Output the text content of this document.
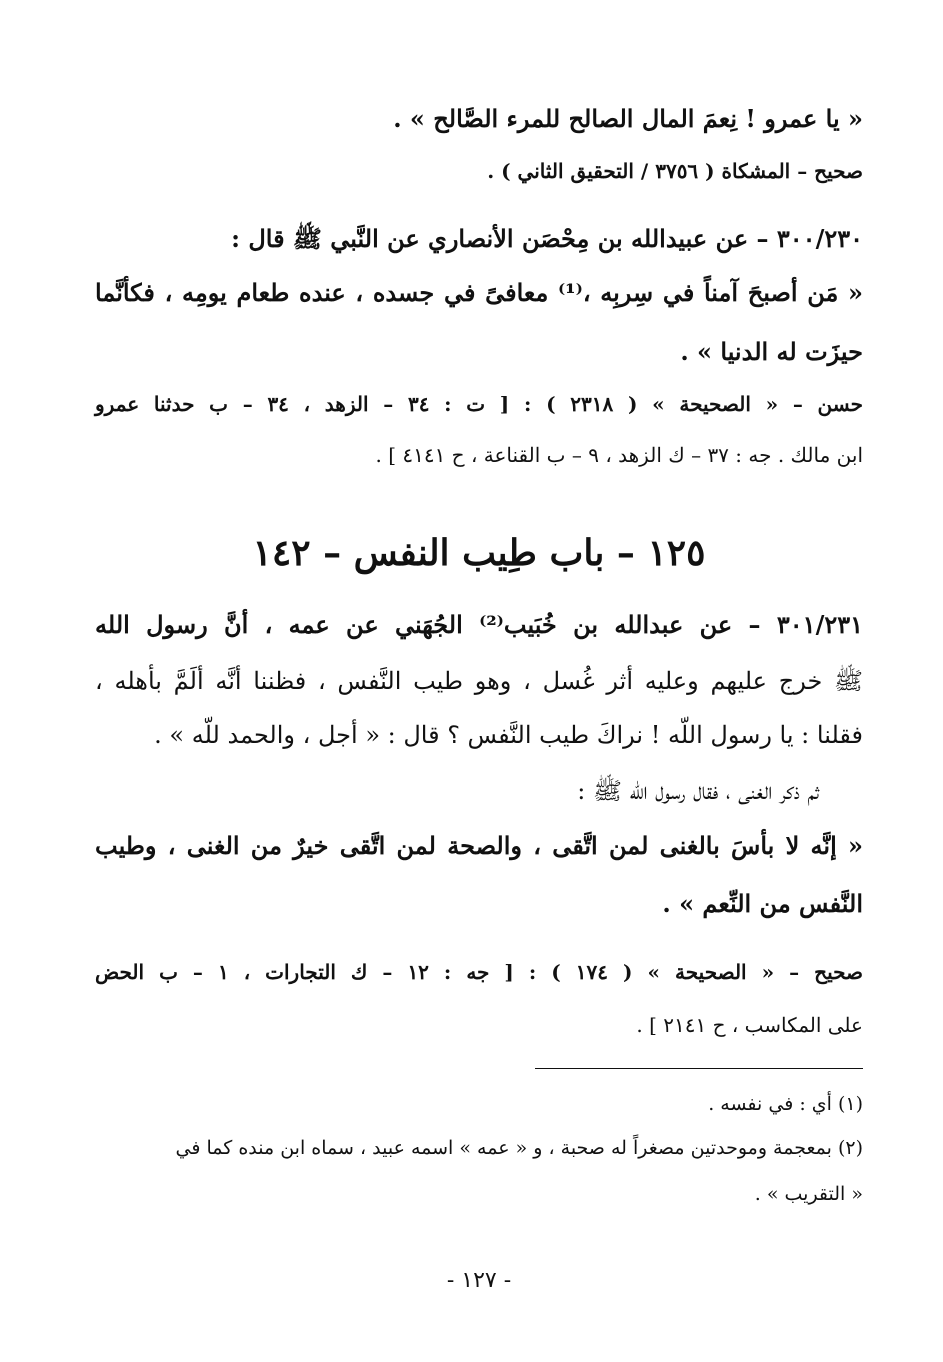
« يا عمرو ! نِعمَ المال الصالح للمرء الصَّالح » .
صحيح – المشكاة ( ٣٧٥٦ / التحقيق الثاني ) .
٣٠٠/٢٣٠ – عن عبيدالله بن مِحْصَن الأنصاري عن النَّبي ﷺ قال :
« مَن أصبحَ آمناً في سِربِه ،⁽¹⁾ معافىً في جسده ، عنده طعام يومِه ، فكأنَّما
حيزَت له الدنيا » .
حسن – « الصحيحة » ( ٢٣١٨ ) : [ ت : ٣٤ – الزهد ، ٣٤ – ب حدثنا عمرو
ابن مالك . جه : ٣٧ – ك الزهد ، ٩ – ب القناعة ، ح ٤١٤١ ] .
١٢٥ – باب طِيب النفس – ١٤٢
٣٠١/٢٣١ – عن عبدالله بن خُبَيب⁽²⁾ الجُهَني عن عمه ، أنَّ رسول الله
ﷺ خرج عليهم وعليه أثر غُسل ، وهو طيب النَّفس ، فظننا أنَّه ألَمَّ بأهله ،
فقلنا : يا رسول اللّه ! نراكَ طيب النَّفس ؟ قال : « أجل ، والحمد للّه » .
ثم ذكر الغنى ، فقال رسول اللّه ﷺ :
« إنَّه لا بأسَ بالغنى لمن اتَّقى ، والصحة لمن اتَّقى خيرٌ من الغنى ، وطيب
النَّفس من النِّعم » .
صحيح – « الصحيحة » ( ١٧٤ ) : [ جه : ١٢ – ك التجارات ، ١ – ب الحض
على المكاسب ، ح ٢١٤١ ] .
(١) أي : في نفسه .
(٢) بمعجمة وموحدتين مصغراً له صحبة ، و « عمه » اسمه عبيد ، سماه ابن منده كما في
« التقريب » .
- ١٢٧ -
